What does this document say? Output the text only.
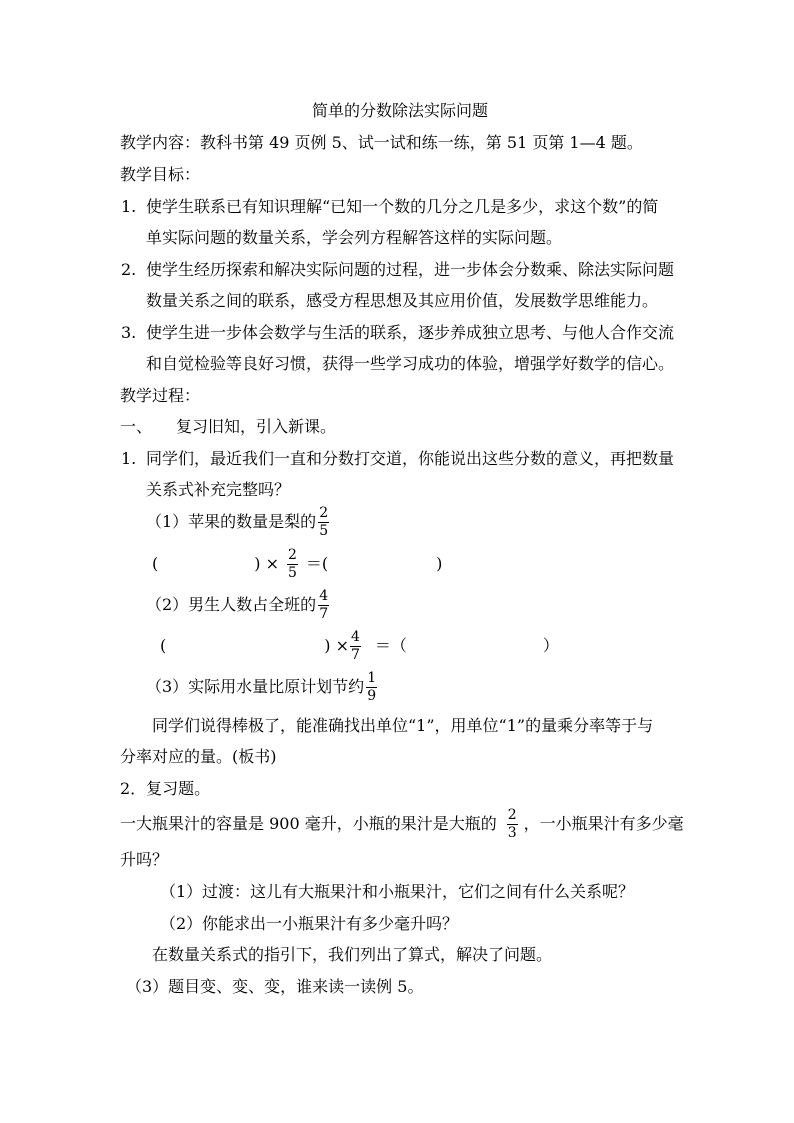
简单的分数除法实际问题
教学内容：教科书第 49 页例 5、试一试和练一练，第 51 页第 1—4 题。
教学目标：
1. 使学生联系已有知识理解“已知一个数的几分之几是多少，求这个数”的简
单实际问题的数量关系，学会列方程解答这样的实际问题。
2. 使学生经历探索和解决实际问题的过程，进一步体会分数乘、除法实际问题
数量关系之间的联系，感受方程思想及其应用价值，发展数学思维能力。
3. 使学生进一步体会数学与生活的联系，逐步养成独立思考、与他人合作交流
和自觉检验等良好习惯，获得一些学习成功的体验，增强学好数学的信心。
教学过程：
一、 复习旧知，引入新课。
1. 同学们，最近我们一直和分数打交道，你能说出这些分数的意义，再把数量
关系式补充完整吗？
（1）苹果的数量是梨的 $\frac{2}{5}$
(	) × $\frac{2}{5}$ ＝(	)
（2）男生人数占全班的 $\frac{4}{7}$
(	) × $\frac{4}{7}$ ＝（	）
（3）实际用水量比原计划节约 $\frac{1}{9}$
同学们说得棒极了，能准确找出单位“1”，用单位“1”的量乘分率等于与
分率对应的量。(板书)
2．复习题。
一大瓶果汁的容量是 900 毫升，小瓶的果汁是大瓶的 $\frac{2}{3}$ ，一小瓶果汁有多少毫
升吗？
（1） 过渡：这儿有大瓶果汁和小瓶果汁，它们之间有什么关系呢？
（2） 你能求出一小瓶果汁有多少毫升吗？
在数量关系式的指引下，我们列出了算式，解决了问题。
（3）题目变、变、变，谁来读一读例 5。
